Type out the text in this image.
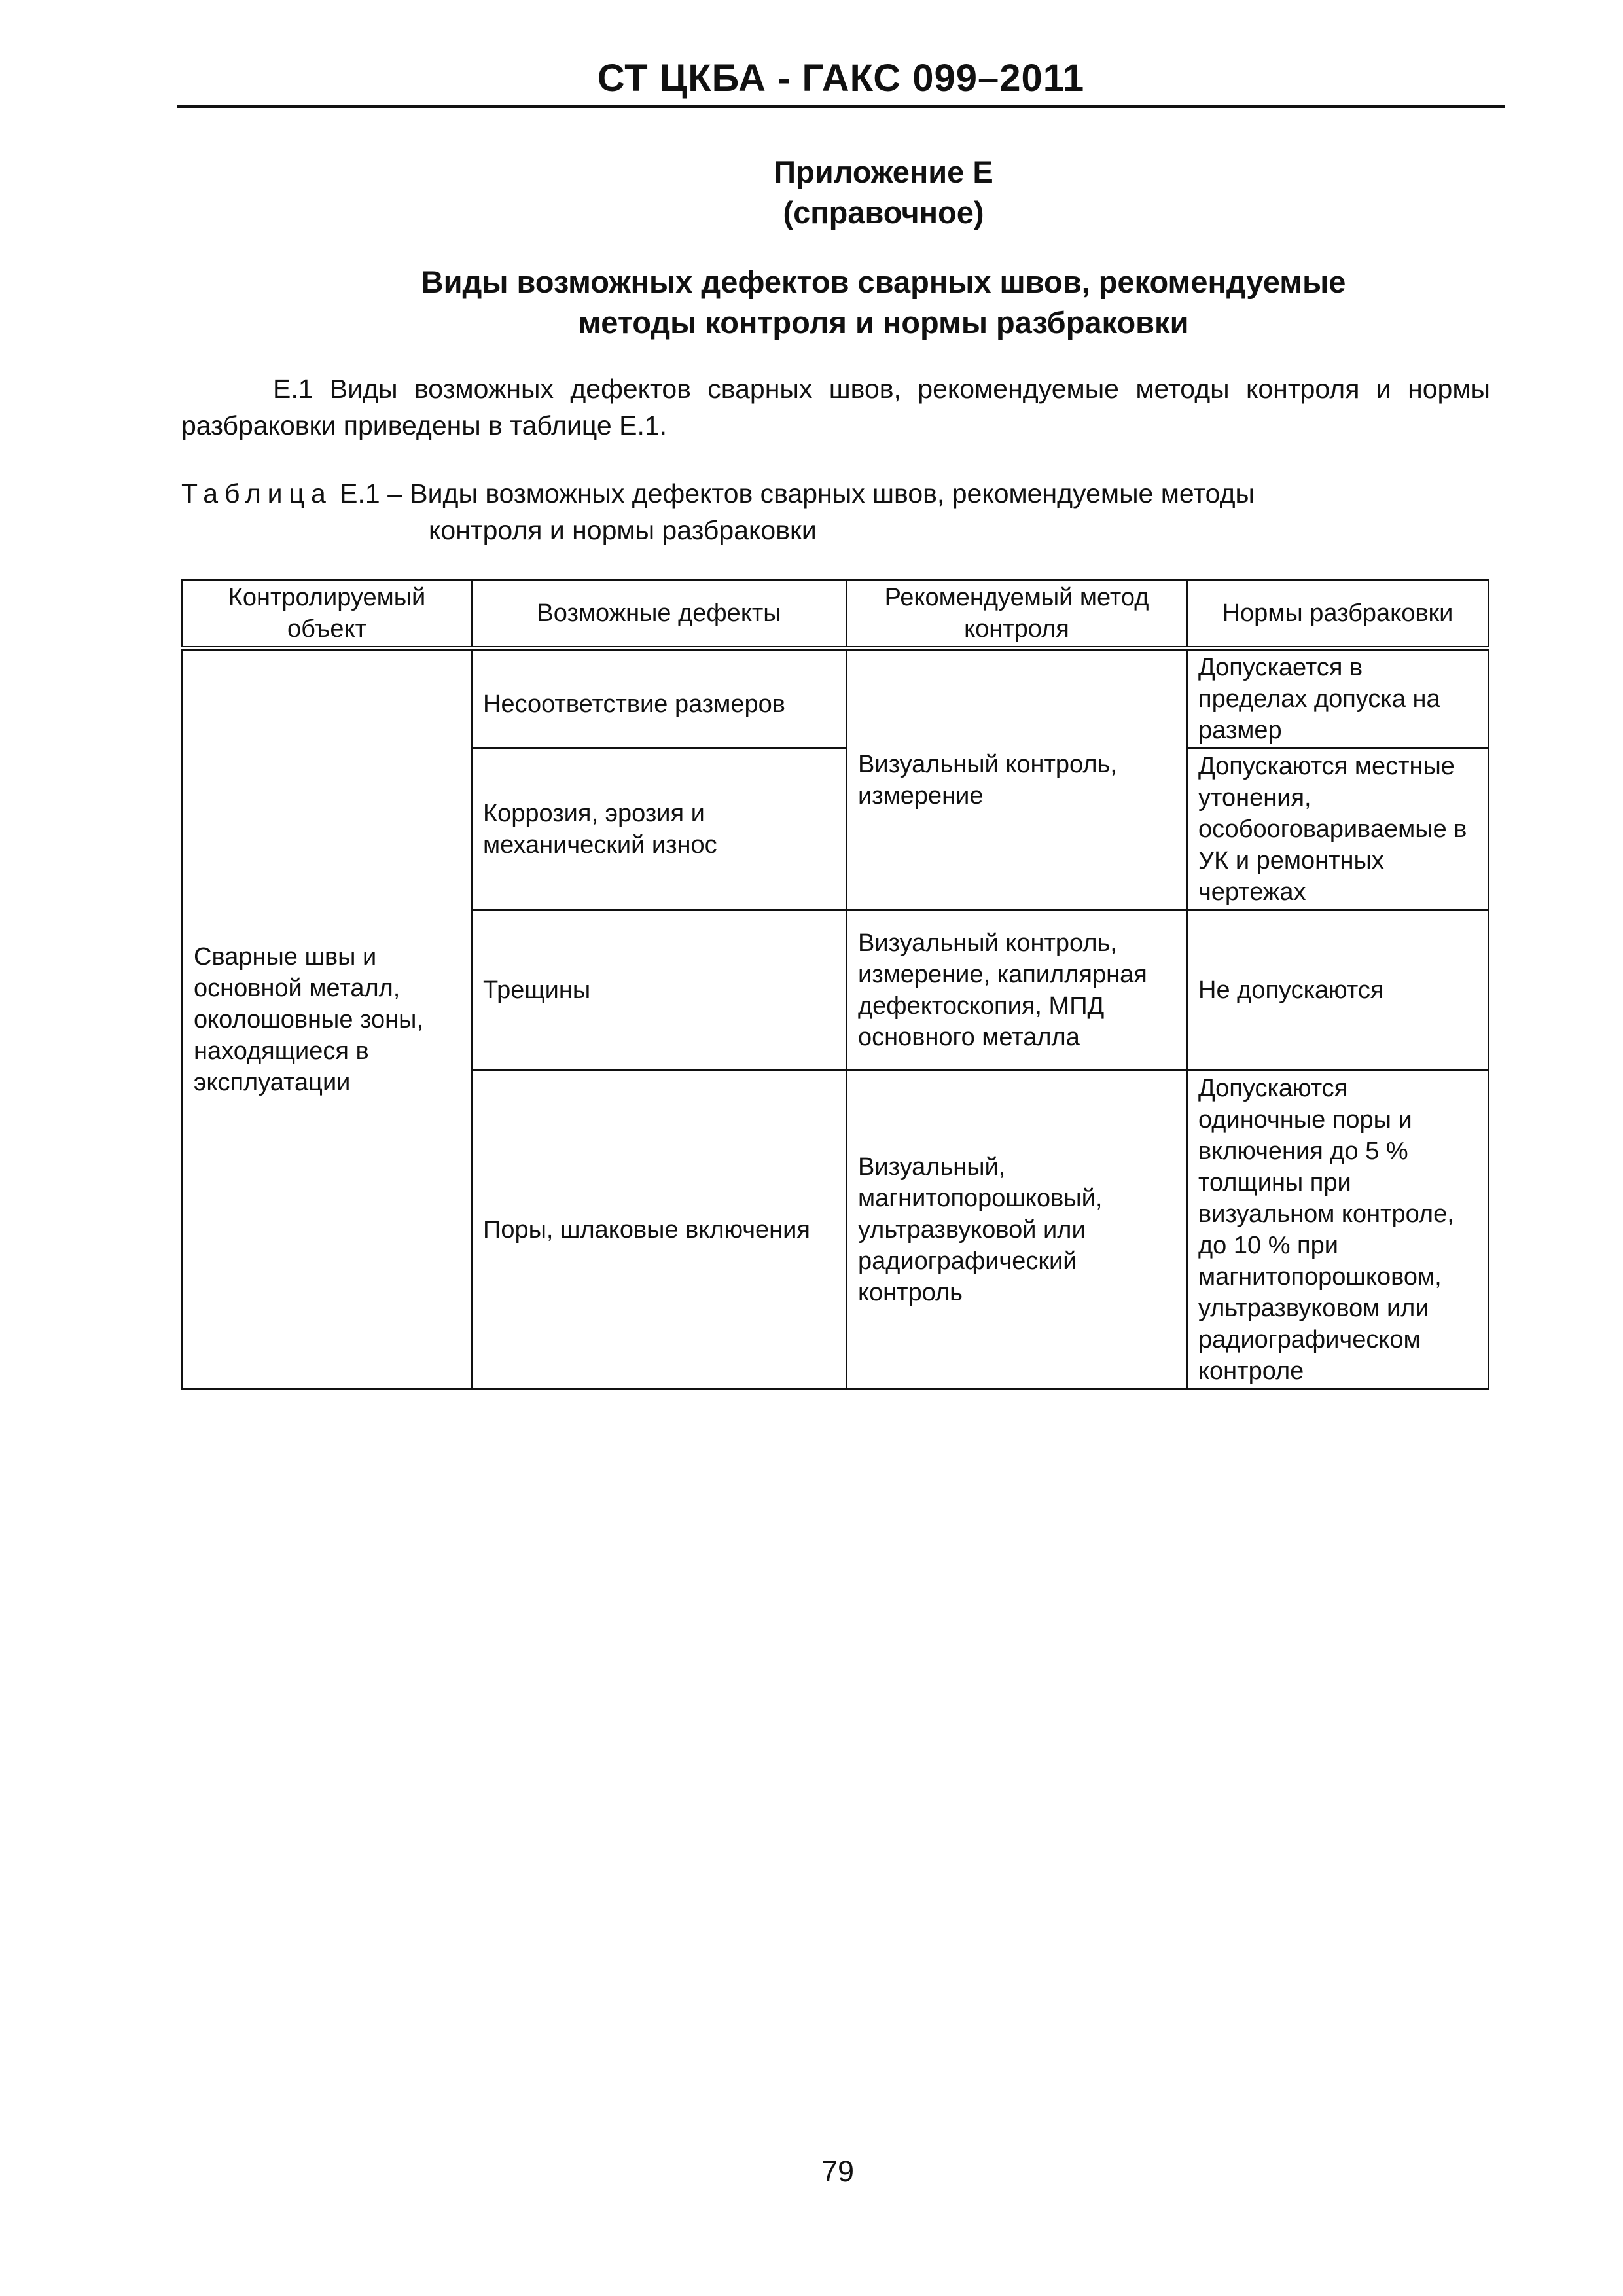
СТ ЦКБА - ГАКС 099–2011
Приложение Е
(справочное)
Виды возможных дефектов сварных швов, рекомендуемые
методы контроля и нормы разбраковки
Е.1 Виды возможных дефектов сварных швов, рекомендуемые методы контроля и нормы разбраковки приведены в таблице Е.1.
Таблица Е.1 – Виды возможных дефектов сварных швов, рекомендуемые методы
контроля и нормы разбраковки
Контролируемый объект	Возможные дефекты	Рекомендуемый метод контроля	Нормы разбраковки
Сварные швы и основной металл, околошовные зоны, находящиеся в эксплуатации	Несоответствие размеров	Визуальный контроль, измерение	Допускается в пределах допуска на размер
	Коррозия, эрозия и механический износ		Допускаются местные утонения, особооговариваемые в УК и ремонтных чертежах
	Трещины	Визуальный контроль, измерение, капиллярная дефектоскопия, МПД основного металла	Не допускаются
	Поры, шлаковые включения	Визуальный, магнитопорошковый, ультразвуковой или радиографический контроль	Допускаются одиночные поры и включения до 5 % толщины при визуальном контроле, до 10 % при магнитопорошковом, ультразвуковом или радиографическом контроле
79
